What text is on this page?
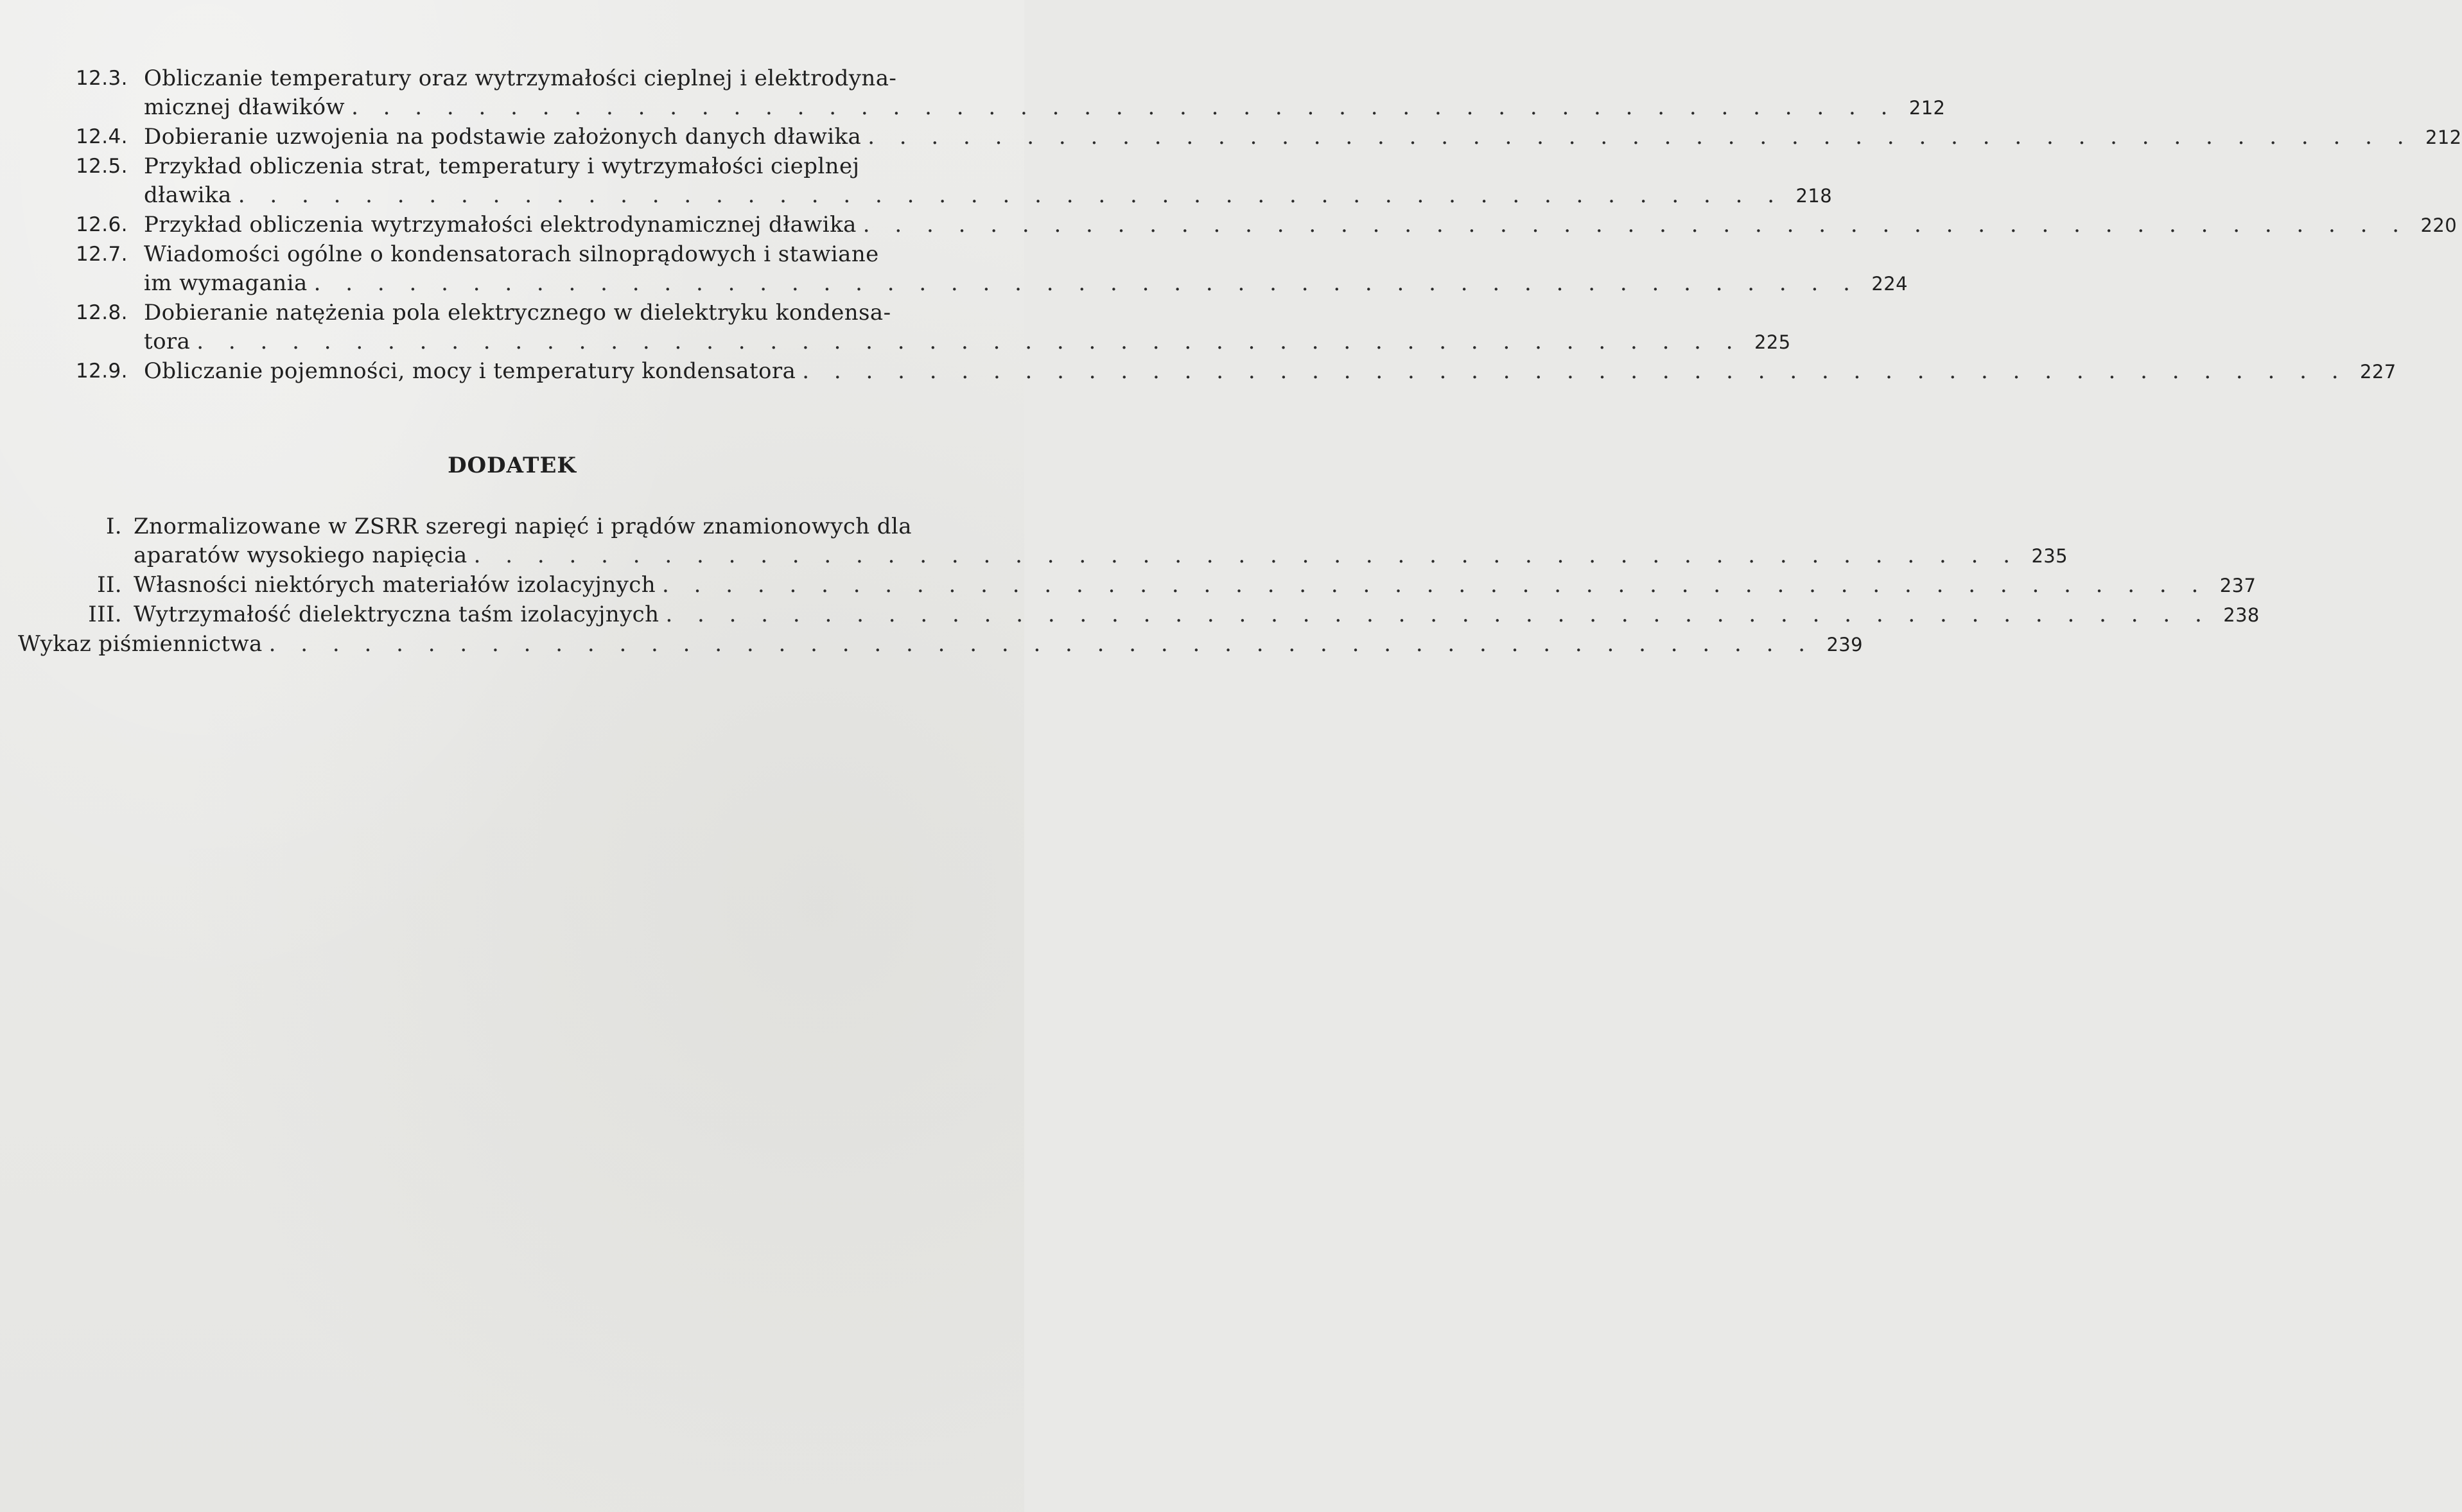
12.3. Obliczanie temperatury oraz wytrzymałości cieplnej i elektrodyna-
micznej dławików . . . . . . . . . . . . . . . . . . . . . . . . . . . . . . . . . . . . . . . . . . . . . . . . . 212
12.4. Dobieranie uzwojenia na podstawie założonych danych dławika . . . . . . . . . . . . . . . . . . . . . . . . . . . . . . . . . . . . . . . . . . . . . . . . . 212
12.5. Przykład obliczenia strat, temperatury i wytrzymałości cieplnej
dławika . . . . . . . . . . . . . . . . . . . . . . . . . . . . . . . . . . . . . . . . . . . . . . . . . 218
12.6. Przykład obliczenia wytrzymałości elektrodynamicznej dławika . . . . . . . . . . . . . . . . . . . . . . . . . . . . . . . . . . . . . . . . . . . . . . . . . 220
12.7. Wiadomości ogólne o kondensatorach silnoprądowych i stawiane
im wymagania . . . . . . . . . . . . . . . . . . . . . . . . . . . . . . . . . . . . . . . . . . . . . . . . . 224
12.8. Dobieranie natężenia pola elektrycznego w dielektryku kondensa-
tora . . . . . . . . . . . . . . . . . . . . . . . . . . . . . . . . . . . . . . . . . . . . . . . . . 225
12.9. Obliczanie pojemności, mocy i temperatury kondensatora . . . . . . . . . . . . . . . . . . . . . . . . . . . . . . . . . . . . . . . . . . . . . . . . . 227
DODATEK
I. Znormalizowane w ZSRR szeregi napięć i prądów znamionowych dla
aparatów wysokiego napięcia . . . . . . . . . . . . . . . . . . . . . . . . . . . . . . . . . . . . . . . . . . . . . . . . . 235
II. Własności niektórych materiałów izolacyjnych . . . . . . . . . . . . . . . . . . . . . . . . . . . . . . . . . . . . . . . . . . . . . . . . . 237
III. Wytrzymałość dielektryczna taśm izolacyjnych . . . . . . . . . . . . . . . . . . . . . . . . . . . . . . . . . . . . . . . . . . . . . . . . . 238
Wykaz piśmiennictwa . . . . . . . . . . . . . . . . . . . . . . . . . . . . . . . . . . . . . . . . . . . . . . . . . 239
